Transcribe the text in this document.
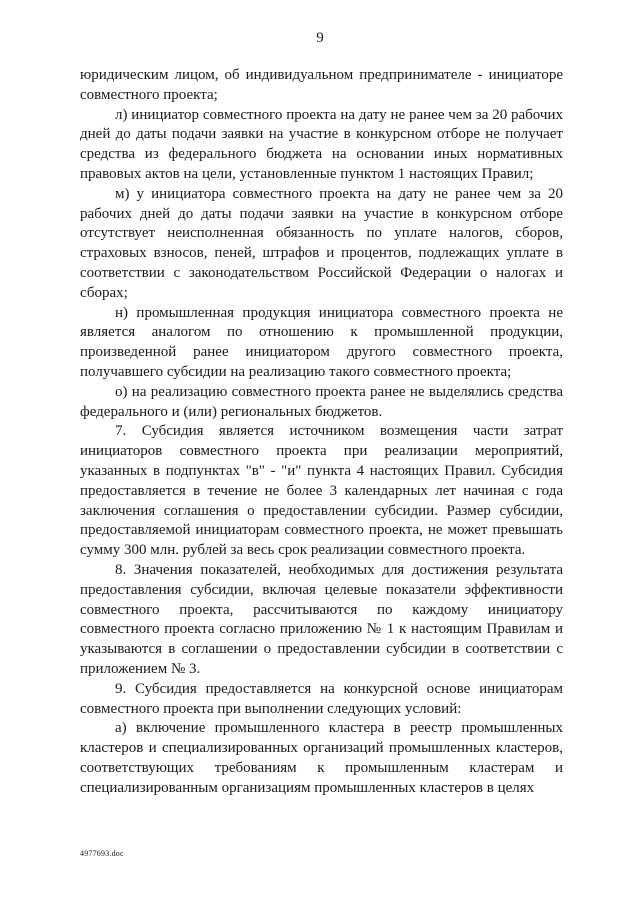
9

юридическим лицом, об индивидуальном предпринимателе - инициаторе совместного проекта;

л) инициатор совместного проекта на дату не ранее чем за 20 рабочих дней до даты подачи заявки на участие в конкурсном отборе не получает средства из федерального бюджета на основании иных нормативных правовых актов на цели, установленные пунктом 1 настоящих Правил;

м) у инициатора совместного проекта на дату не ранее чем за 20 рабочих дней до даты подачи заявки на участие в конкурсном отборе отсутствует неисполненная обязанность по уплате налогов, сборов, страховых взносов, пеней, штрафов и процентов, подлежащих уплате в соответствии с законодательством Российской Федерации о налогах и сборах;

н) промышленная продукция инициатора совместного проекта не является аналогом по отношению к промышленной продукции, произведенной ранее инициатором другого совместного проекта, получавшего субсидии на реализацию такого совместного проекта;

о) на реализацию совместного проекта ранее не выделялись средства федерального и (или) региональных бюджетов.

7. Субсидия является источником возмещения части затрат инициаторов совместного проекта при реализации мероприятий, указанных в подпунктах "в" - "и" пункта 4 настоящих Правил. Субсидия предоставляется в течение не более 3 календарных лет начиная с года заключения соглашения о предоставлении субсидии. Размер субсидии, предоставляемой инициаторам совместного проекта, не может превышать сумму 300 млн. рублей за весь срок реализации совместного проекта.

8. Значения показателей, необходимых для достижения результата предоставления субсидии, включая целевые показатели эффективности совместного проекта, рассчитываются по каждому инициатору совместного проекта согласно приложению № 1 к настоящим Правилам и указываются в соглашении о предоставлении субсидии в соответствии с приложением № 3.

9. Субсидия предоставляется на конкурсной основе инициаторам совместного проекта при выполнении следующих условий:

а) включение промышленного кластера в реестр промышленных кластеров и специализированных организаций промышленных кластеров, соответствующих требованиям к промышленным кластерам и специализированным организациям промышленных кластеров в целях

4977693.doc
